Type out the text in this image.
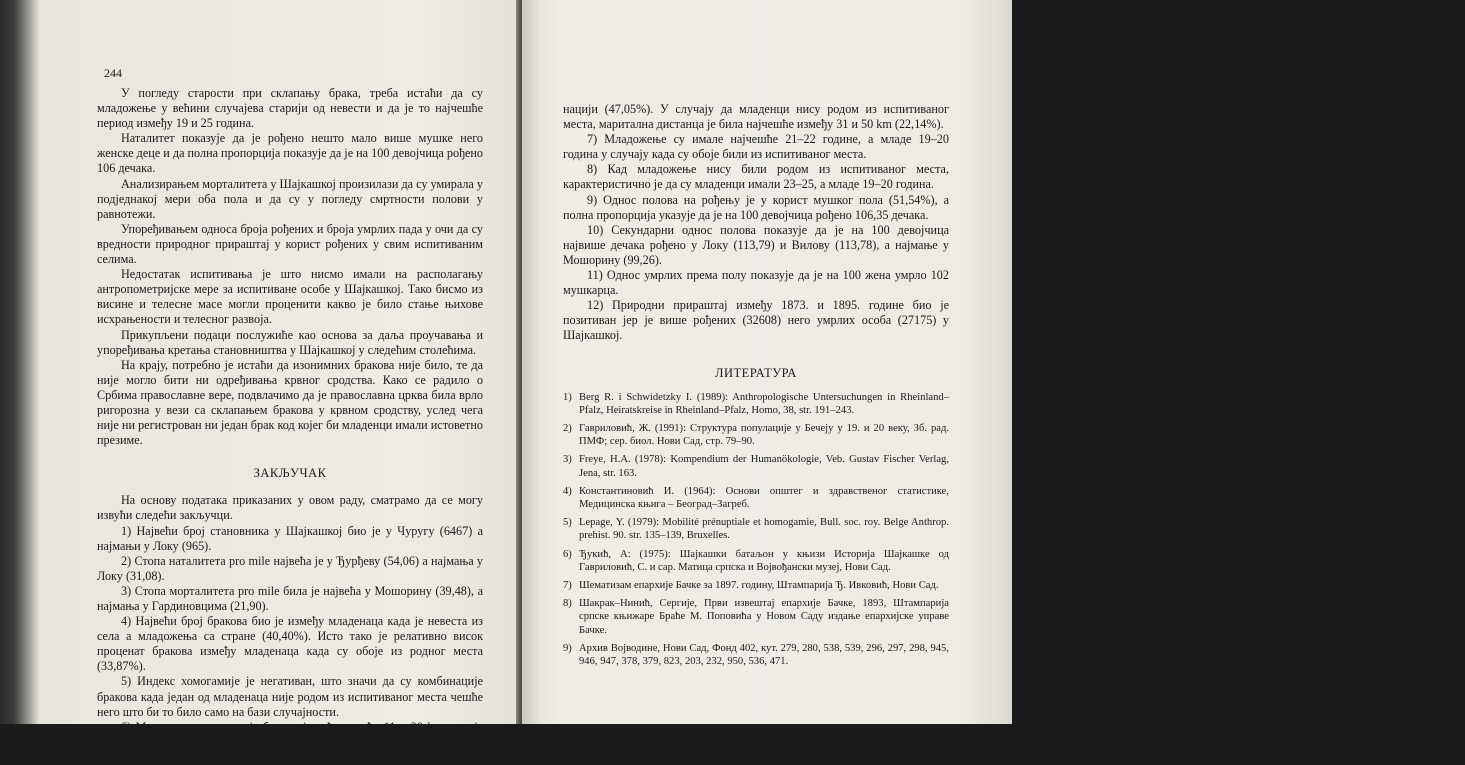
244

У погледу старости при склапању брака, треба истаћи да су младожење у већини случајева старији од невести и да је то најчешће период између 19 и 25 година.

Наталитет показује да је рођено нешто мало више мушке него женске деце и да полна пропорција показује да је на 100 девојчица рођено 106 дечака.

Анализирањем морталитета у Шајкашкој произилази да су умирала у подједнакој мери оба пола и да су у погледу смртности полови у равнотежи.

Упоређивањем односа броја рођених и броја умрлих пада у очи да су вредности природног прираштај у корист рођених у свим испитиваним селима.

Недостатак испитивања је што нисмо имали на располагању антропометријске мере за испитиване особе у Шајкашкој. Тако бисмо из висине и телесне масе могли проценити какво је било стање њихове исхрањености и телесног развоја.

Прикупљени подаци послужиће као основа за даља проучавања и упоређивања кретања становништва у Шајкашкој у следећим столећима.

На крају, потребно је истаћи да изонимних бракова није било, те да није могло бити ни одређивања крвног сродства. Како се радило о Србима православне вере, подвлачимо да је православна црква била врло ригорозна у вези са склапањем бракова у крвном сродству, услед чега није ни регистрован ни један брак код којег би младенци имали истоветно презиме.

ЗАКЉУЧАК

На основу података приказаних у овом раду, сматрамо да се могу извући следећи закључци.

1) Највећи број становника у Шајкашкој био је у Чуругу (6467) а најмањи у Локу (965).

2) Стопа наталитета pro mile највећа је у Ђурђеву (54,06) а најмања у Локу (31,08).

3) Стопа морталитета pro mile била је највећа у Мошорину (39,48), а најмања у Гардиновцима (21,90).

4) Највећи број бракова био је између младенаца када је невеста из села а младожења са стране (40,40%). Исто тако је релативно висок проценат бракова између младенаца када су обоје из родног места (33,87%).

5) Индекс хомогамије је негативан, што значи да су комбинације бракова када један од младенаца није родом из испитиваног места чешће него што би то било само на бази случајности.

6) Маритална дистанца је била најчешће између 11 и 20 km када је младожења родом из места а млада са старне (41,40%) и у обрнутој комби-

245

нацији (47,05%). У случају да младенци нису родом из испитиваног места, маритална дистанца је била најчешће између 31 и 50 km (22,14%).

7) Младожење су имале најчешће 21–22 године, а младе 19–20 година у случају када су обоје били из испитиваног места.

8) Кад младожење нису били родом из испитиваног места, карактеристично је да су младенци имали 23–25, а младе 19–20 година.

9) Однос полова на рођењу је у корист мушког пола (51,54%), а полна пропорција указује да је на 100 девојчица рођено 106,35 дечака.

10) Секундарни однос полова показује да је на 100 девојчица највише дечака рођено у Локу (113,79) и Вилову (113,78), а најмање у Мошорину (99,26).

11) Однос умрлих према полу показује да је на 100 жена умрло 102 мушкарца.

12) Природни прираштај између 1873. и 1895. године био је позитиван јер је више рођених (32608) него умрлих особа (27175) у Шајкашкој.

ЛИТЕРАТУРА

1) Berg R. i Schwidetzky I. (1989): Anthropologische Untersuchungen in Rheinland–Pfalz, Heiratskreise in Rheinland–Pfalz, Homo, 38, str. 191–243.
2) Гавриловић, Ж. (1991): Структура популације у Бечеју у 19. и 20 веку, Зб. рад. ПМФ; сер. биол. Нови Сад, стр. 79–90.
3) Freye, H.A. (1978): Kompendium der Humanökologie, Veb. Gustav Fischer Verlag, Jena, str. 163.
4) Константиновић И. (1964): Основи општег и здравственог статистике, Медицинска књига – Београд–Загреб.
5) Lepage, Y. (1979): Mobilité prénuptiale et homogamie, Bull. soc. roy. Belge Anthrop. prehist. 90. str. 135–139, Bruxelles.
6) Ђукић, А: (1975): Шајкашки батаљон у књизи Историја Шајкашке од Гавриловић, С. и сар. Матица српска и Војвођански музеј, Нови Сад.
7) Шематизам епархије Бачке за 1897. годину, Штампарија Ђ. Ивковић, Нови Сад.
8) Шакрак–Нинић, Сергије, Први извештај епархије Бачке, 1893, Штампарија српске књижаре Браће М. Поповића у Новом Саду издање епархијске управе Бачке.
9) Архив Војводине, Нови Сад, Фонд 402, кут. 279, 280, 538, 539, 296, 297, 298, 945, 946, 947, 378, 379, 823, 203, 232, 950, 536, 471.
